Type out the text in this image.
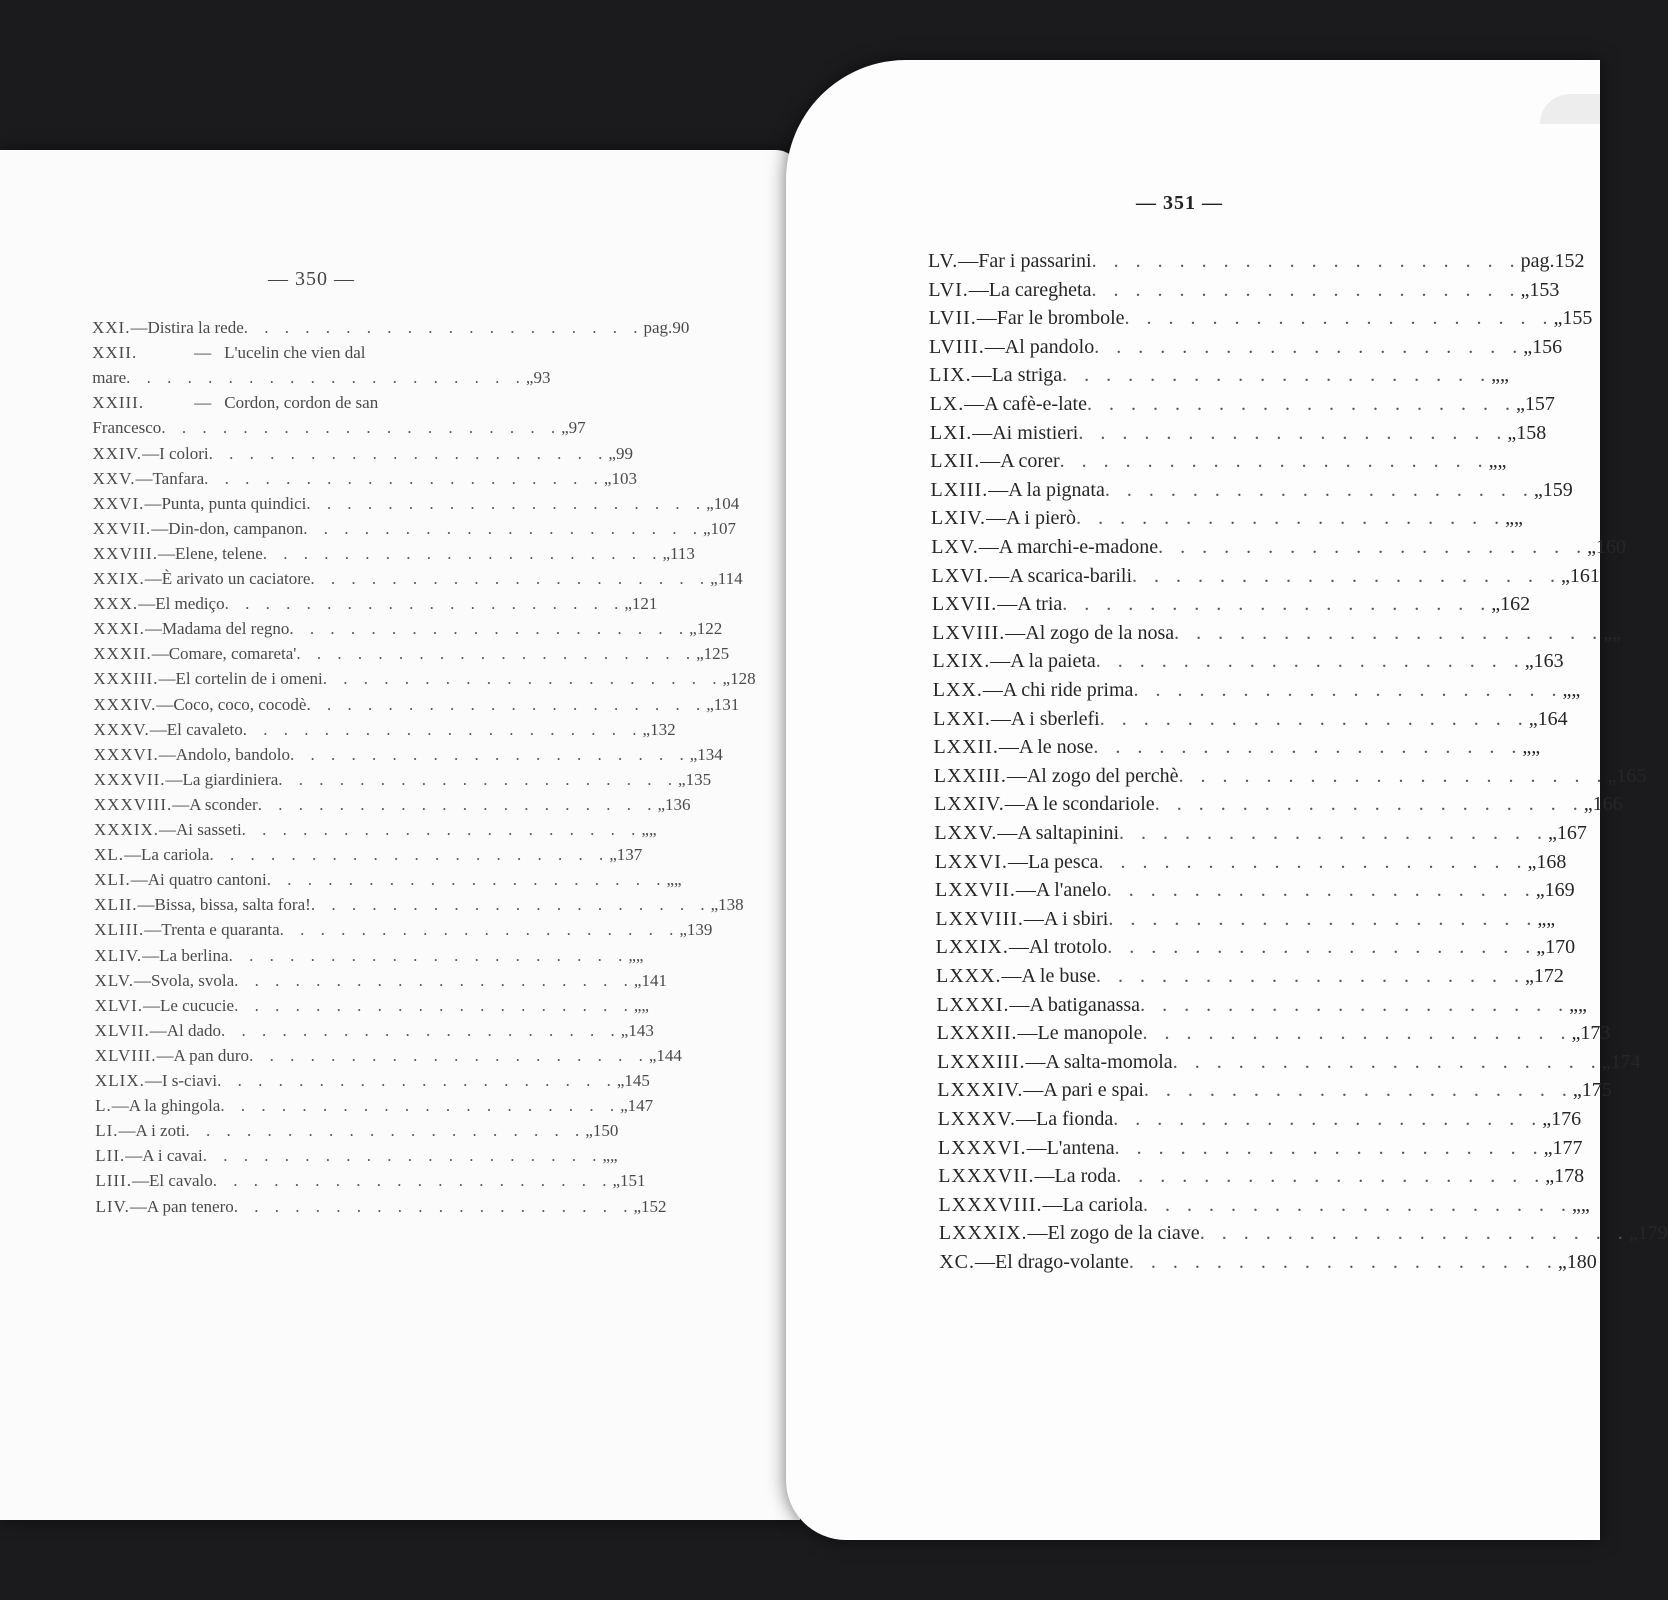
— 350 —
XXI. — Distira la rede . . . . . . . . . . . . . . . . . . . . pag. 90
XXII.	— L'ucelin che vien dal
mare . . . . . . . . . . . . . . . . . . . . „ 93
XXIII.	— Cordon, cordon de san
Francesco . . . . . . . . . . . . . . . . . . . . „ 97
XXIV. — I colori . . . . . . . . . . . . . . . . . . . . „ 99
XXV. — Tanfara . . . . . . . . . . . . . . . . . . . . „ 103
XXVI. — Punta, punta quindici . . . . . . . . . . . . . . . . . . . . „ 104
XXVII. — Din-don, campanon . . . . . . . . . . . . . . . . . . . . „ 107
XXVIII. — Elene, telene . . . . . . . . . . . . . . . . . . . . „ 113
XXIX. — È arivato un caciatore . . . . . . . . . . . . . . . . . . . . „ 114
XXX. — El mediço . . . . . . . . . . . . . . . . . . . . „ 121
XXXI. — Madama del regno . . . . . . . . . . . . . . . . . . . . „ 122
XXXII. — Comare, comareta' . . . . . . . . . . . . . . . . . . . . „ 125
XXXIII. — El cortelin de i omeni . . . . . . . . . . . . . . . . . . . . „ 128
XXXIV. — Coco, coco, cocodè . . . . . . . . . . . . . . . . . . . . „ 131
XXXV. — El cavaleto . . . . . . . . . . . . . . . . . . . . „ 132
XXXVI. — Andolo, bandolo . . . . . . . . . . . . . . . . . . . . „ 134
XXXVII. — La giardiniera . . . . . . . . . . . . . . . . . . . . „ 135
XXXVIII. — A sconder . . . . . . . . . . . . . . . . . . . . „ 136
XXXIX. — Ai sasseti . . . . . . . . . . . . . . . . . . . . „ „
XL. — La cariola . . . . . . . . . . . . . . . . . . . . „ 137
XLI. — Ai quatro cantoni . . . . . . . . . . . . . . . . . . . . „ „
XLII. — Bissa, bissa, salta fora! . . . . . . . . . . . . . . . . . . . . „ 138
XLIII. — Trenta e quaranta . . . . . . . . . . . . . . . . . . . . „ 139
XLIV. — La berlina . . . . . . . . . . . . . . . . . . . . „ „
XLV. — Svola, svola . . . . . . . . . . . . . . . . . . . . „ 141
XLVI. — Le cucucie . . . . . . . . . . . . . . . . . . . . „ „
XLVII. — Al dado . . . . . . . . . . . . . . . . . . . . „ 143
XLVIII. — A pan duro . . . . . . . . . . . . . . . . . . . . „ 144
XLIX. — I s-ciavi . . . . . . . . . . . . . . . . . . . . „ 145
L. — A la ghingola . . . . . . . . . . . . . . . . . . . . „ 147
LI. — A i zoti . . . . . . . . . . . . . . . . . . . . „ 150
LII. — A i cavai . . . . . . . . . . . . . . . . . . . . „ „
LIII. — El cavalo . . . . . . . . . . . . . . . . . . . . „ 151
LIV. — A pan tenero . . . . . . . . . . . . . . . . . . . . „ 152
— 351 —
LV. — Far i passarini . . . . . . . . . . . . . . . . . . . . pag. 152
LVI. — La caregheta . . . . . . . . . . . . . . . . . . . . „ 153
LVII. — Far le brombole . . . . . . . . . . . . . . . . . . . . „ 155
LVIII. — Al pandolo . . . . . . . . . . . . . . . . . . . . „ 156
LIX. — La striga . . . . . . . . . . . . . . . . . . . . „ „
LX. — A cafè-e-late . . . . . . . . . . . . . . . . . . . . „ 157
LXI. — Ai mistieri . . . . . . . . . . . . . . . . . . . . „ 158
LXII. — A corer . . . . . . . . . . . . . . . . . . . . „ „
LXIII. — A la pignata . . . . . . . . . . . . . . . . . . . . „ 159
LXIV. — A i pierò . . . . . . . . . . . . . . . . . . . . „ „
LXV. — A marchi-e-madone . . . . . . . . . . . . . . . . . . . . „ 160
LXVI. — A scarica-barili . . . . . . . . . . . . . . . . . . . . „ 161
LXVII. — A tria . . . . . . . . . . . . . . . . . . . . „ 162
LXVIII. — Al zogo de la nosa . . . . . . . . . . . . . . . . . . . . „ „
LXIX. — A la paieta . . . . . . . . . . . . . . . . . . . . „ 163
LXX. — A chi ride prima . . . . . . . . . . . . . . . . . . . . „ „
LXXI. — A i sberlefi . . . . . . . . . . . . . . . . . . . . „ 164
LXXII. — A le nose . . . . . . . . . . . . . . . . . . . . „ „
LXXIII. — Al zogo del perchè . . . . . . . . . . . . . . . . . . . . „ 165
LXXIV. — A le scondariole . . . . . . . . . . . . . . . . . . . . „ 166
LXXV. — A saltapinini . . . . . . . . . . . . . . . . . . . . „ 167
LXXVI. — La pesca . . . . . . . . . . . . . . . . . . . . „ 168
LXXVII. — A l'anelo . . . . . . . . . . . . . . . . . . . . „ 169
LXXVIII. — A i sbiri . . . . . . . . . . . . . . . . . . . . „ „
LXXIX. — Al trotolo . . . . . . . . . . . . . . . . . . . . „ 170
LXXX. — A le buse . . . . . . . . . . . . . . . . . . . . „ 172
LXXXI. — A batiganassa . . . . . . . . . . . . . . . . . . . . „ „
LXXXII. — Le manopole . . . . . . . . . . . . . . . . . . . . „ 173
LXXXIII. — A salta-momola . . . . . . . . . . . . . . . . . . . . „ 174
LXXXIV. — A pari e spai . . . . . . . . . . . . . . . . . . . . „ 175
LXXXV. — La fionda . . . . . . . . . . . . . . . . . . . . „ 176
LXXXVI. — L'antena . . . . . . . . . . . . . . . . . . . . „ 177
LXXXVII. — La roda . . . . . . . . . . . . . . . . . . . . „ 178
LXXXVIII. — La cariola . . . . . . . . . . . . . . . . . . . . „ „
LXXXIX. — El zogo de la ciave . . . . . . . . . . . . . . . . . . . . „ 179
XC. — El drago-volante . . . . . . . . . . . . . . . . . . . . „ 180
